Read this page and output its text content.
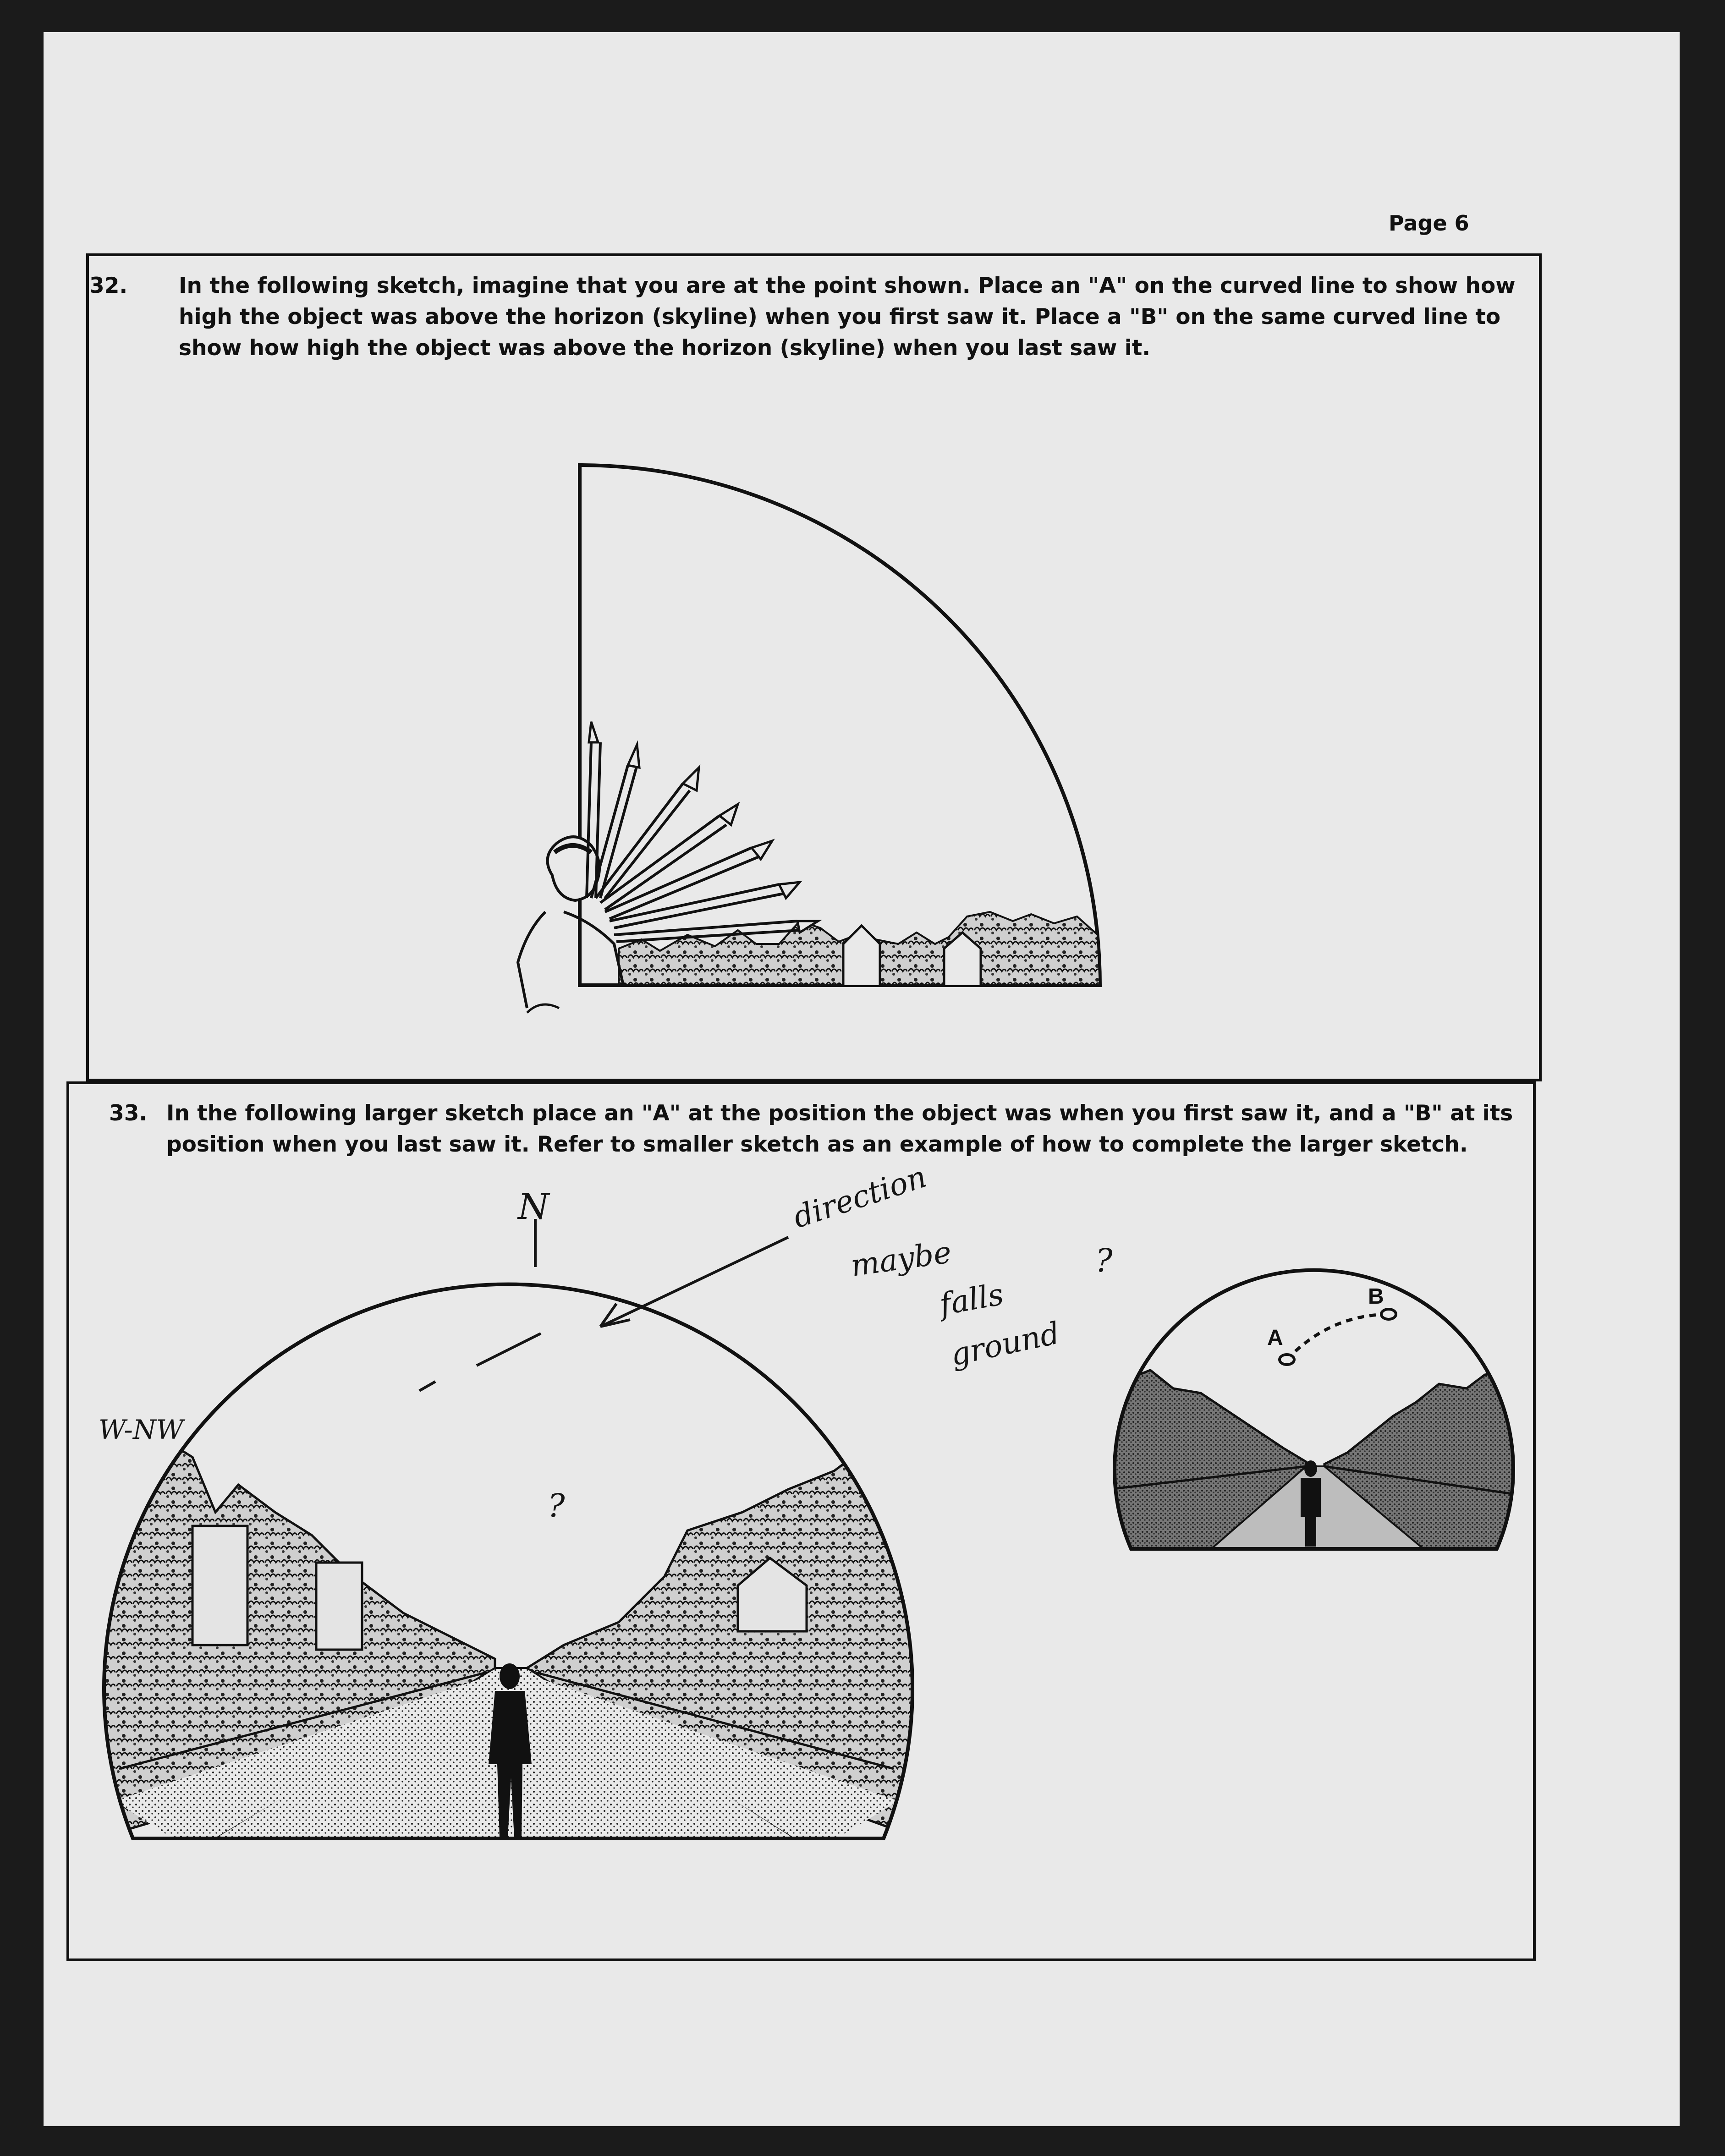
Page 6
32. In the following sketch, imagine that you are at the point shown. Place an "A" on the curved line to show how
high the object was above the horizon (skyline) when you first saw it. Place a "B" on the same curved line to
show how high the object was above the horizon (skyline) when you last saw it.
33. In the following larger sketch place an "A" at the position the object was when you first saw it, and a "B" at its
position when you last saw it. Refer to smaller sketch as an example of how to complete the larger sketch.
A
B
N
W-NW
direction
maybe
falls
ground
?
?
